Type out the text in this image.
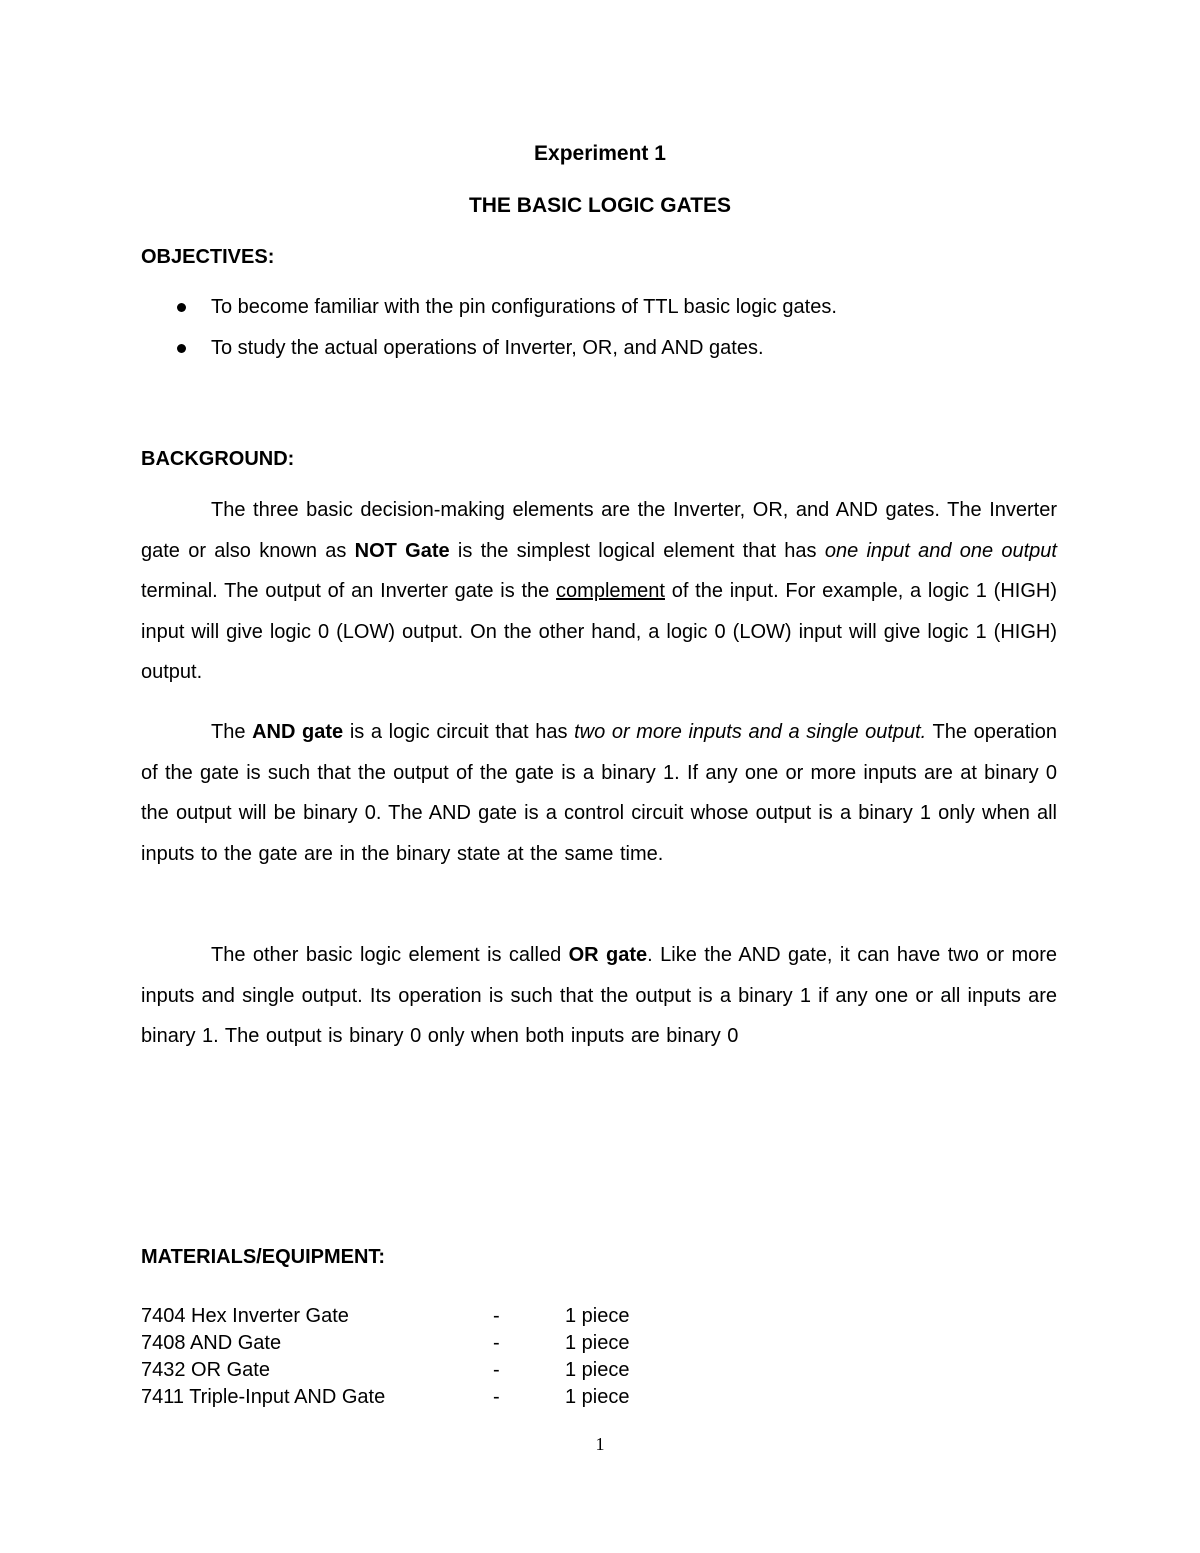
Experiment 1
THE BASIC LOGIC GATES
OBJECTIVES:
To become familiar with the pin configurations of TTL basic logic gates.
To study the actual operations of Inverter, OR, and AND gates.
BACKGROUND:

The three basic decision-making elements are the Inverter, OR, and AND gates. The Inverter gate or also known as NOT Gate is the simplest logical element that has one input and one output terminal. The output of an Inverter gate is the complement of the input. For example, a logic 1 (HIGH) input will give logic 0 (LOW) output. On the other hand, a logic 0 (LOW) input will give logic 1 (HIGH) output.

The AND gate is a logic circuit that has two or more inputs and a single output. The operation of the gate is such that the output of the gate is a binary 1. If any one or more inputs are at binary 0 the output will be binary 0. The AND gate is a control circuit whose output is a binary 1 only when all inputs to the gate are in the binary state at the same time.

The other basic logic element is called OR gate. Like the AND gate, it can have two or more inputs and single output. Its operation is such that the output is a binary 1 if any one or all inputs are binary 1. The output is binary 0 only when both inputs are binary 0

MATERIALS/EQUIPMENT:
7404 Hex Inverter Gate	-	1 piece
7408 AND Gate	-	1 piece
7432 OR Gate	-	1 piece
7411 Triple-Input AND Gate	-	1 piece
1
